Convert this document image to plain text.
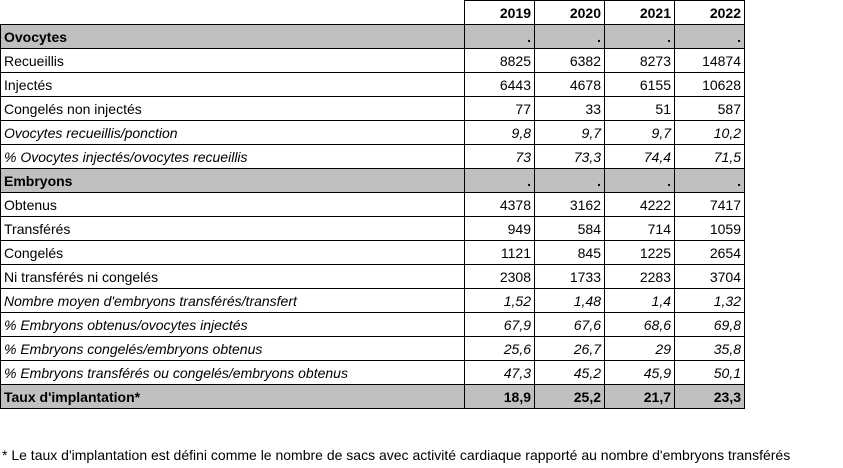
	2019	2020	2021	2022
Ovocytes	.	.	.	.
Recueillis	8825	6382	8273	14874
Injectés	6443	4678	6155	10628
Congelés non injectés	77	33	51	587
Ovocytes recueillis/ponction	9,8	9,7	9,7	10,2
% Ovocytes injectés/ovocytes recueillis	73	73,3	74,4	71,5
Embryons	.	.	.	.
Obtenus	4378	3162	4222	7417
Transférés	949	584	714	1059
Congelés	1121	845	1225	2654
Ni transférés ni congelés	2308	1733	2283	3704
Nombre moyen d'embryons transférés/transfert	1,52	1,48	1,4	1,32
% Embryons obtenus/ovocytes injectés	67,9	67,6	68,6	69,8
% Embryons congelés/embryons obtenus	25,6	26,7	29	35,8
% Embryons transférés ou congelés/embryons obtenus	47,3	45,2	45,9	50,1
Taux d'implantation*	18,9	25,2	21,7	23,3
* Le taux d'implantation est défini comme le nombre de sacs avec activité cardiaque rapporté au nombre d'embryons transférés
